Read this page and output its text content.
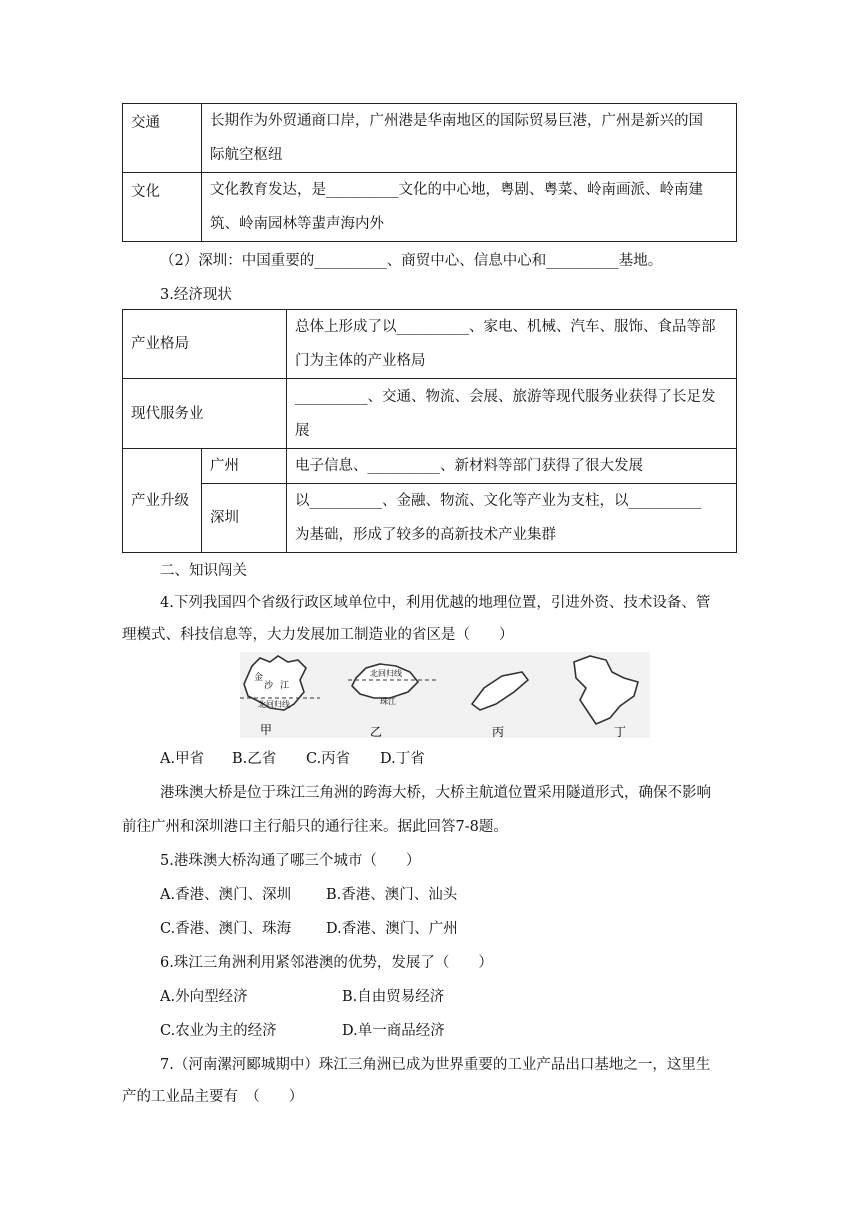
交通	长期作为外贸通商口岸，广州港是华南地区的国际贸易巨港，广州是新兴的国
际航空枢纽

文化	文化教育发达，是__________文化的中心地，粤剧、粤菜、岭南画派、岭南建
筑、岭南园林等蜚声海内外
（2）深圳：中国重要的__________、商贸中心、信息中心和__________基地。
3.经济现状
产业格局		总体上形成了以__________、家电、机械、汽车、服饰、食品等部
门为主体的产业格局

现代服务业		__________、交通、物流、会展、旅游等现代服务业获得了长足发
展

产业升级	广州	电子信息、__________、新材料等部门获得了很大发展
	深圳	以__________、金融、物流、文化等产业为支柱，以__________
为基础，形成了较多的高新技术产业集群
二、知识闯关
4.下列我国四个省级行政区域单位中，利用优越的地理位置，引进外资、技术设备、管
理模式、科技信息等，大力发展加工制造业的省区是（　　）
金
沙 江
北回归线
北回归线
珠江
甲	乙	丙	丁
A.甲省 B.乙省 C.丙省 D.丁省
港珠澳大桥是位于珠江三角洲的跨海大桥，大桥主航道位置采用隧道形式，确保不影响
前往广州和深圳港口主行船只的通行往来。据此回答7-8题。
5.港珠澳大桥沟通了哪三个城市（　　）
A.香港、澳门、深圳 B.香港、澳门、汕头
C.香港、澳门、珠海 D.香港、澳门、广州
6.珠江三角洲利用紧邻港澳的优势，发展了（　　）
A.外向型经济	B.自由贸易经济
C.农业为主的经济	D.单一商品经济
7.（河南漯河郾城期中）珠江三角洲已成为世界重要的工业产品出口基地之一，这里生
产的工业品主要有　（　　）
